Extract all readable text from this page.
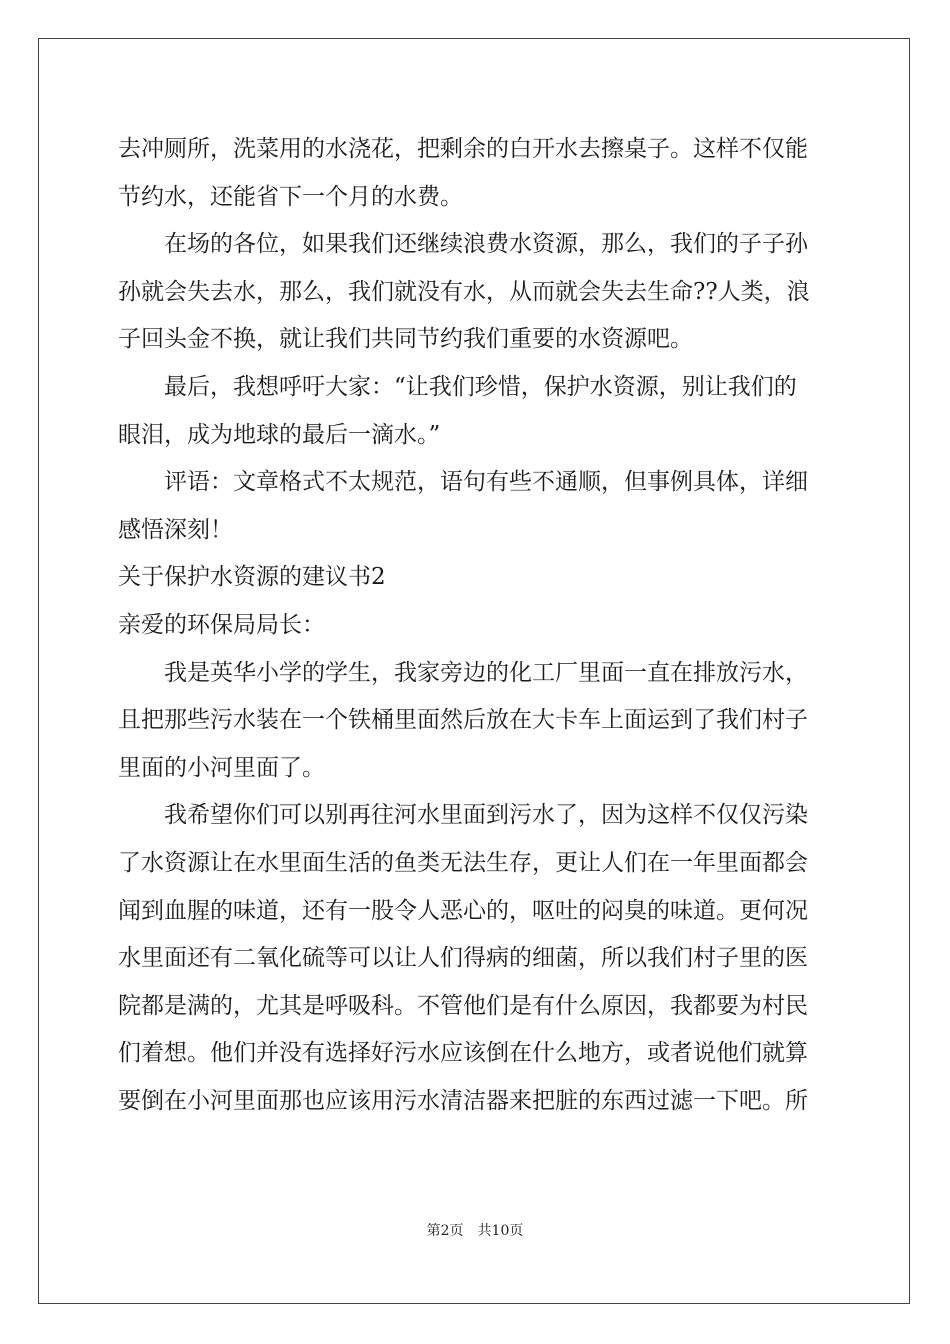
去冲厕所，洗菜用的水浇花，把剩余的白开水去擦桌子。这样不仅能
节约水，还能省下一个月的水费。
在场的各位，如果我们还继续浪费水资源，那么，我们的子子孙
孙就会失去水，那么，我们就没有水，从而就会失去生命??人类，浪
子回头金不换，就让我们共同节约我们重要的水资源吧。
最后，我想呼吁大家：“让我们珍惜，保护水资源，别让我们的
眼泪，成为地球的最后一滴水。”
评语：文章格式不太规范，语句有些不通顺，但事例具体，详细
感悟深刻！
关于保护水资源的建议书2
亲爱的环保局局长：
我是英华小学的学生，我家旁边的化工厂里面一直在排放污水，
且把那些污水装在一个铁桶里面然后放在大卡车上面运到了我们村子
里面的小河里面了。
我希望你们可以别再往河水里面到污水了，因为这样不仅仅污染
了水资源让在水里面生活的鱼类无法生存，更让人们在一年里面都会
闻到血腥的味道，还有一股令人恶心的，呕吐的闷臭的味道。更何况
水里面还有二氧化硫等可以让人们得病的细菌，所以我们村子里的医
院都是满的，尤其是呼吸科。不管他们是有什么原因，我都要为村民
们着想。他们并没有选择好污水应该倒在什么地方，或者说他们就算
要倒在小河里面那也应该用污水清洁器来把脏的东西过滤一下吧。所
第2页 共10页
